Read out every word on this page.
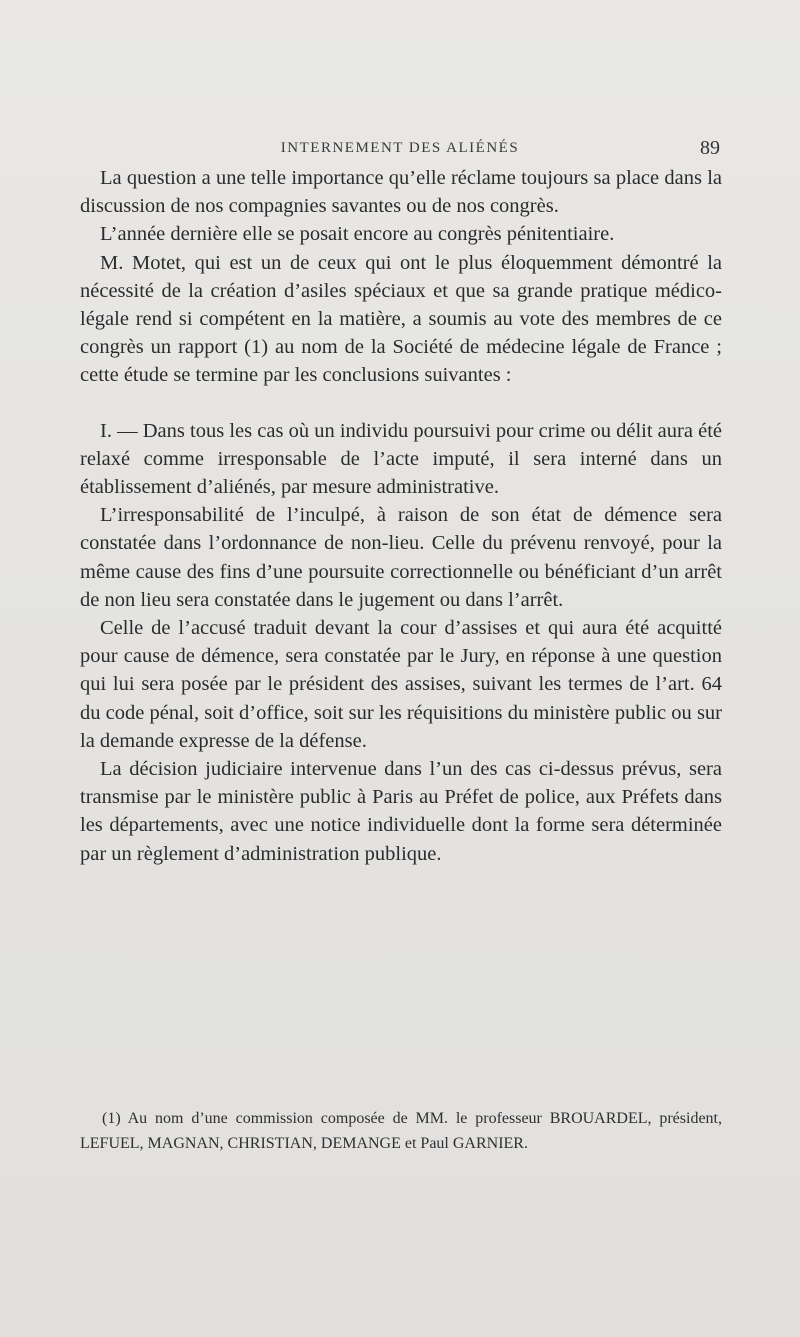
INTERNEMENT DES ALIÉNÉS	89

La question a une telle importance qu’elle réclame toujours sa place dans la discussion de nos compagnies savantes ou de nos congrès.

L’année dernière elle se posait encore au congrès pénitentiaire.

M. Motet, qui est un de ceux qui ont le plus éloquemment démontré la nécessité de la création d’asiles spéciaux et que sa grande pratique médico-légale rend si compétent en la matière, a soumis au vote des membres de ce congrès un rapport (1) au nom de la Société de médecine légale de France ; cette étude se termine par les conclusions suivantes :

I. — Dans tous les cas où un individu poursuivi pour crime ou délit aura été relaxé comme irresponsable de l’acte imputé, il sera interné dans un établissement d’aliénés, par mesure administrative.

L’irresponsabilité de l’inculpé, à raison de son état de démence sera constatée dans l’ordonnance de non-lieu. Celle du prévenu renvoyé, pour la même cause des fins d’une poursuite correctionnelle ou bénéficiant d’un arrêt de non lieu sera constatée dans le jugement ou dans l’arrêt.

Celle de l’accusé traduit devant la cour d’assises et qui aura été acquitté pour cause de démence, sera constatée par le Jury, en réponse à une question qui lui sera posée par le président des assises, suivant les termes de l’art. 64 du code pénal, soit d’office, soit sur les réquisitions du ministère public ou sur la demande expresse de la défense.

La décision judiciaire intervenue dans l’un des cas ci-dessus prévus, sera transmise par le ministère public à Paris au Préfet de police, aux Préfets dans les départements, avec une notice individuelle dont la forme sera déterminée par un règlement d’administration publique.

(1) Au nom d’une commission composée de MM. le professeur BROUARDEL, président, LEFUEL, MAGNAN, CHRISTIAN, DEMANGE et Paul GARNIER.
